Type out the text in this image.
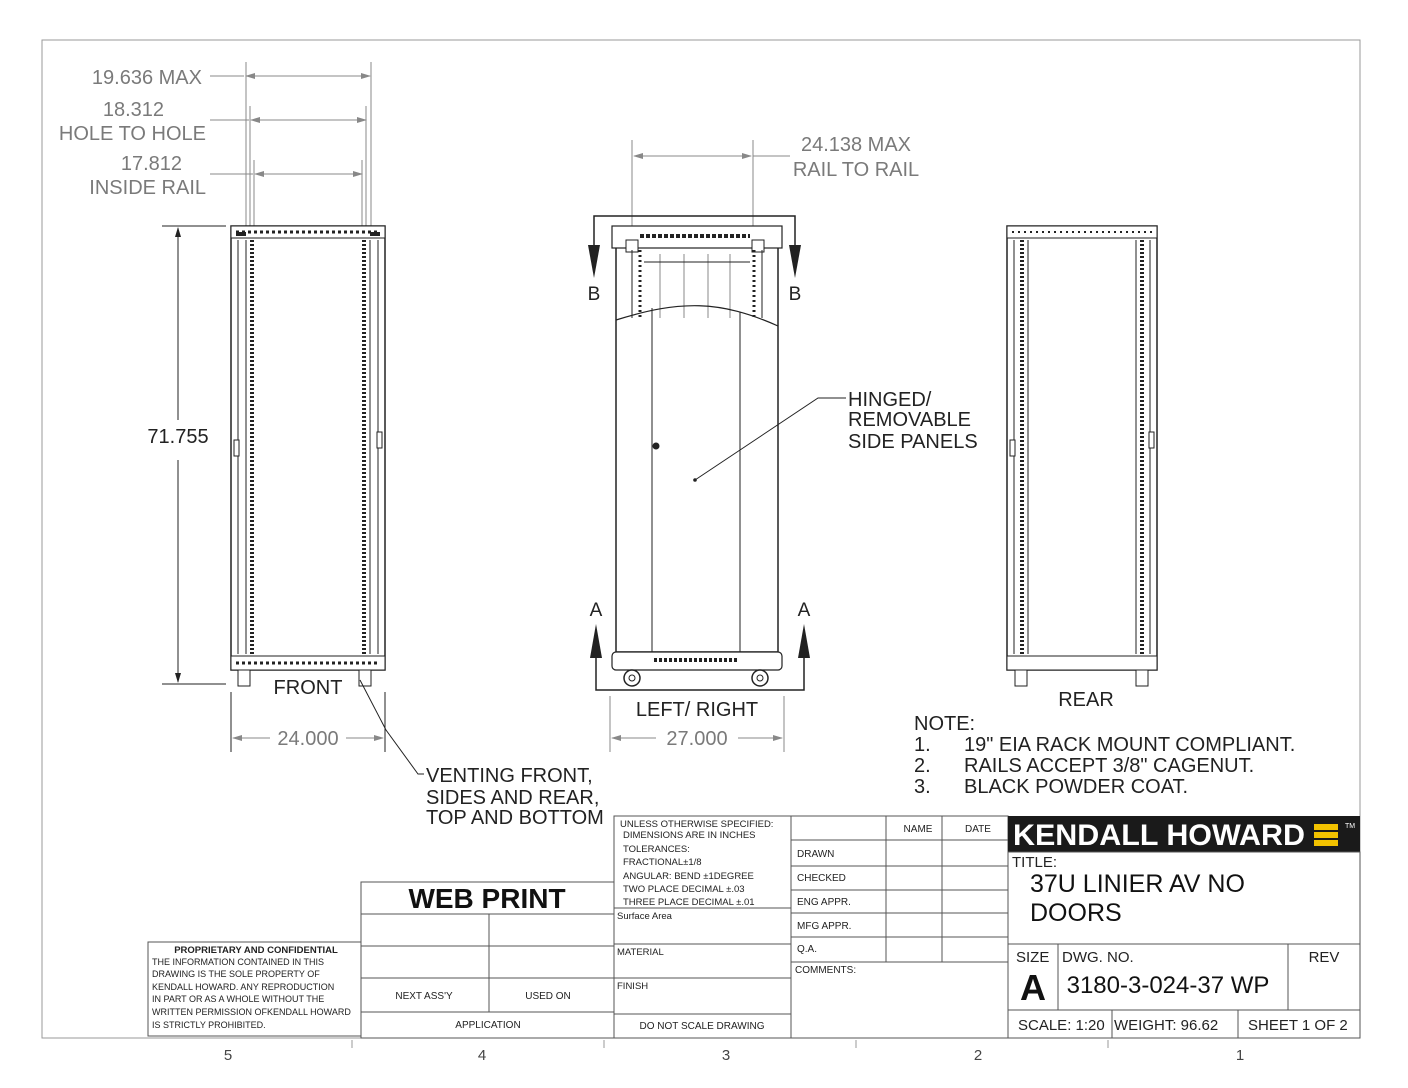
19.636 MAX
18.312
HOLE TO HOLE
17.812
INSIDE RAIL
71.755
24.000
FRONT
24.138 MAX
RAIL TO RAIL
B	B
A	A
LEFT/ RIGHT
27.000
REAR
HINGED/
REMOVABLE
SIDE PANELS
VENTING FRONT,
SIDES AND REAR,
TOP AND BOTTOM
NOTE:
1. 19" EIA RACK MOUNT COMPLIANT.
2. RAILS ACCEPT 3/8" CAGENUT.
3. BLACK POWDER COAT.
PROPRIETARY AND CONFIDENTIAL
THE INFORMATION CONTAINED IN THIS
DRAWING IS THE SOLE PROPERTY OF
KENDALL HOWARD. ANY REPRODUCTION
IN PART OR AS A WHOLE WITHOUT THE
WRITTEN PERMISSION OFKENDALL HOWARD
IS STRICTLY PROHIBITED.
WEB PRINT
NEXT ASS'Y	USED ON
APPLICATION
UNLESS OTHERWISE SPECIFIED:
DIMENSIONS ARE IN INCHES
TOLERANCES:
FRACTIONAL±1/8
ANGULAR: BEND ±1DEGREE
TWO PLACE DECIMAL ±.03
THREE PLACE DECIMAL ±.01
Surface Area
MATERIAL
FINISH
DO NOT SCALE DRAWING
NAME	DATE
DRAWN
CHECKED
ENG APPR.
MFG APPR.
Q.A.
COMMENTS:
KENDALL HOWARD	TM
TITLE:
37U LINIER AV NO
DOORS
SIZE
A
DWG. NO.
3180-3-024-37 WP
REV
SCALE: 1:20 WEIGHT: 96.62 SHEET 1 OF 2
5	4	3	2	1
